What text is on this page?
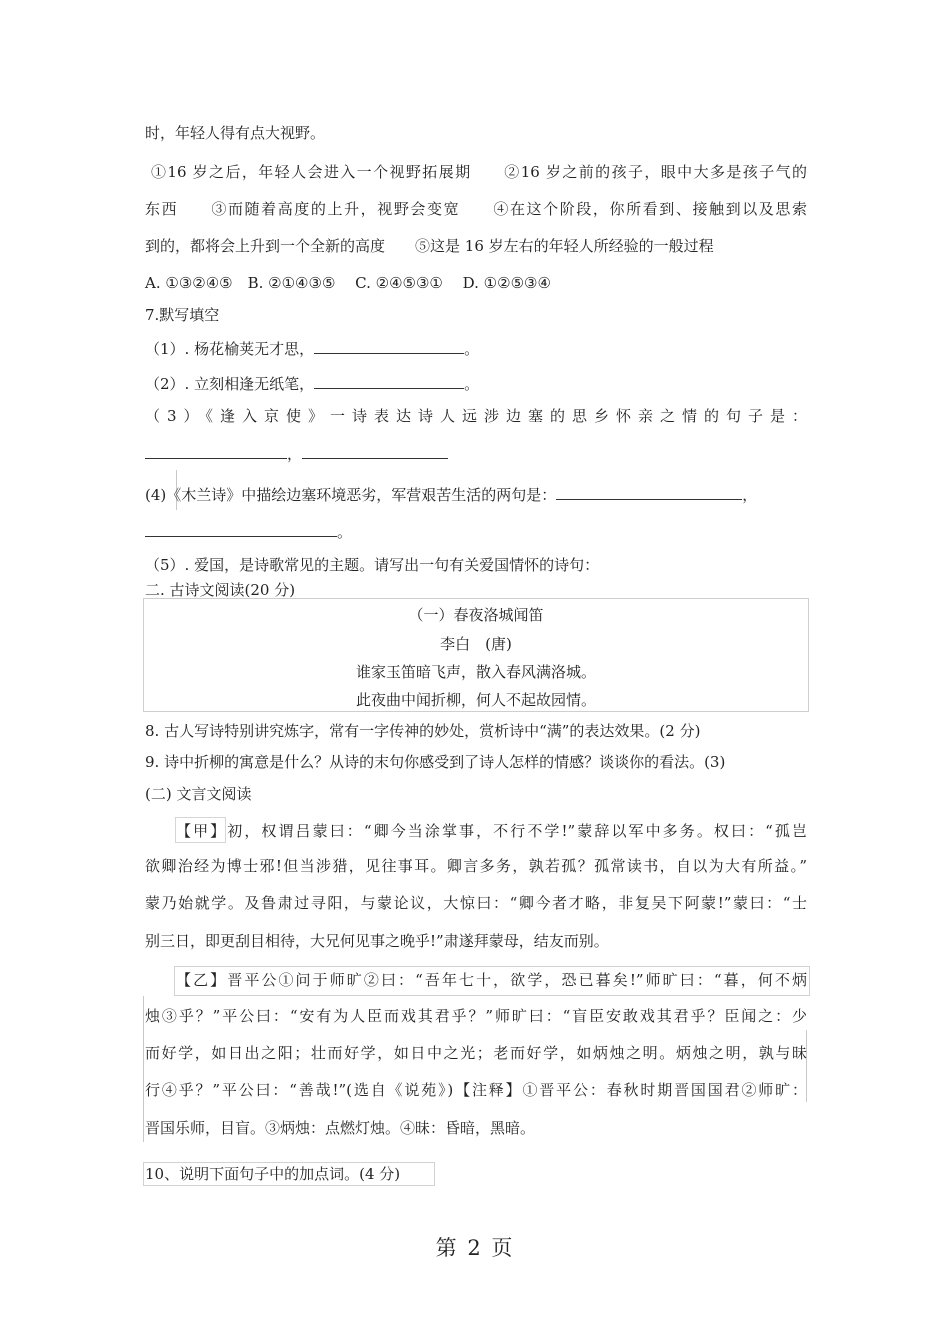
时，年轻人得有点大视野。
①16 岁之后，年轻人会进入一个视野拓展期　　②16 岁之前的孩子，眼中大多是孩子气的
东西　　③而随着高度的上升，视野会变宽　　④在这个阶段，你所看到、接触到以及思索
到的，都将会上升到一个全新的高度　　⑤这是 16 岁左右的年轻人所经验的一般过程
A. ①③②④⑤　B. ②①④③⑤　 C. ②④⑤③①　 D. ①②⑤③④
7.默写填空
（1）. 杨花榆荚无才思，	。
（2）. 立刻相逢无纸笔，	。
（3）《逢入京使》一诗表达诗人远涉边塞的思乡怀亲之情的句子是：
，
(4)《木兰诗》中描绘边塞环境恶劣，军营艰苦生活的两句是：	，
。
（5）. 爱国，是诗歌常见的主题。请写出一句有关爱国情怀的诗句：
二. 古诗文阅读(20 分)
（一）春夜洛城闻笛
李白　(唐)
谁家玉笛暗飞声，散入春风满洛城。
此夜曲中闻折柳，何人不起故园情。
8. 古人写诗特别讲究炼字，常有一字传神的妙处，赏析诗中“满”的表达效果。(2 分)
9. 诗中折柳的寓意是什么？从诗的末句你感受到了诗人怎样的情感？谈谈你的看法。(3)
(二) 文言文阅读
【甲】初，权谓吕蒙曰：“卿今当涂掌事，不行不学!”蒙辞以军中多务。权曰：“孤岂
欲卿治经为博士邪!但当涉猎，见往事耳。卿言多务，孰若孤？孤常读书，自以为大有所益。”
蒙乃始就学。及鲁肃过寻阳，与蒙论议，大惊曰：“卿今者才略，非复吴下阿蒙!”蒙曰：“士
别三日，即更刮目相待，大兄何见事之晚乎!”肃遂拜蒙母，结友而别。
【乙】晋平公①问于师旷②曰：“吾年七十，欲学，恐已暮矣!”师旷曰：“暮，何不炳
烛③乎？”平公曰：“安有为人臣而戏其君乎？”师旷曰：“盲臣安敢戏其君乎？臣闻之：少
而好学，如日出之阳；壮而好学，如日中之光；老而好学，如炳烛之明。炳烛之明，孰与昧
行④乎？”平公曰：“善哉!”(选自《说苑》)【注释】①晋平公：春秋时期晋国国君②师旷：
晋国乐师，目盲。③炳烛：点燃灯烛。④昧：昏暗，黑暗。
10、说明下面句子中的加点词。(4 分)
第 2 页
